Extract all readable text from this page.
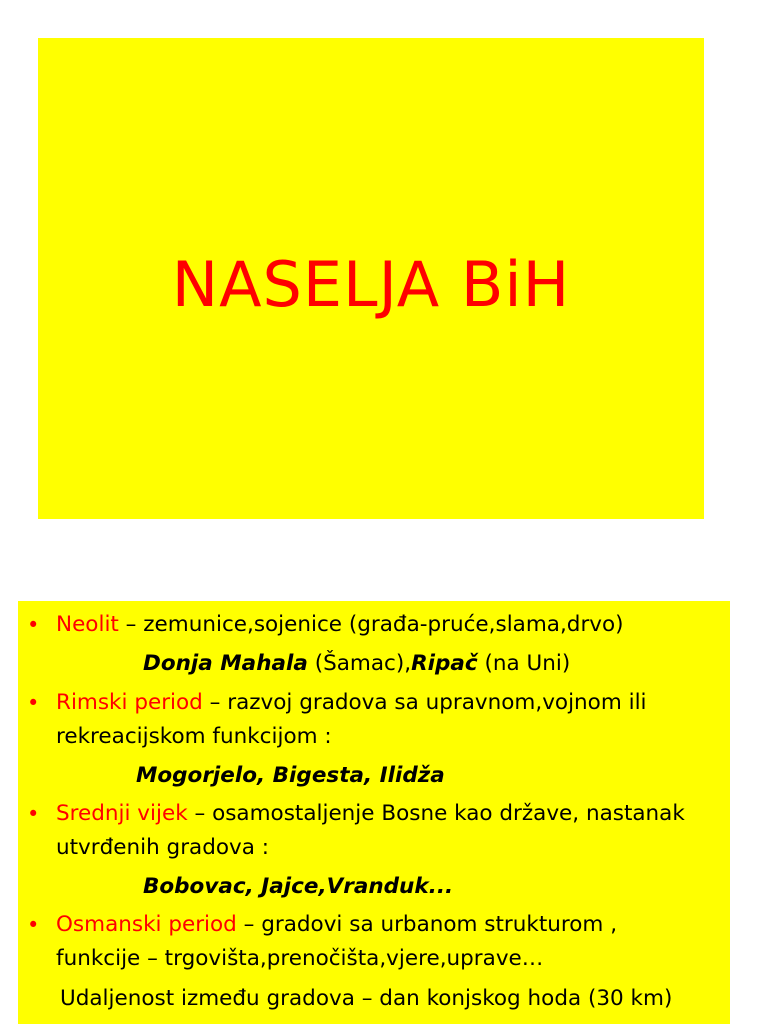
NASELJA BiH
• Neolit – zemunice,sojenice (građa-pruće,slama,drvo)
Donja Mahala (Šamac),Ripač (na Uni)
• Rimski period – razvoj gradova sa upravnom,vojnom ili
rekreacijskom funkcijom :
Mogorjelo, Bigesta, Ilidža
• Srednji vijek – osamostaljenje Bosne kao države, nastanak
utvrđenih gradova :
Bobovac, Jajce,Vranduk...
• Osmanski period – gradovi sa urbanom strukturom ,
funkcije – trgovišta,prenočišta,vjere,uprave…
Udaljenost između gradova – dan konjskog hoda (30 km)
